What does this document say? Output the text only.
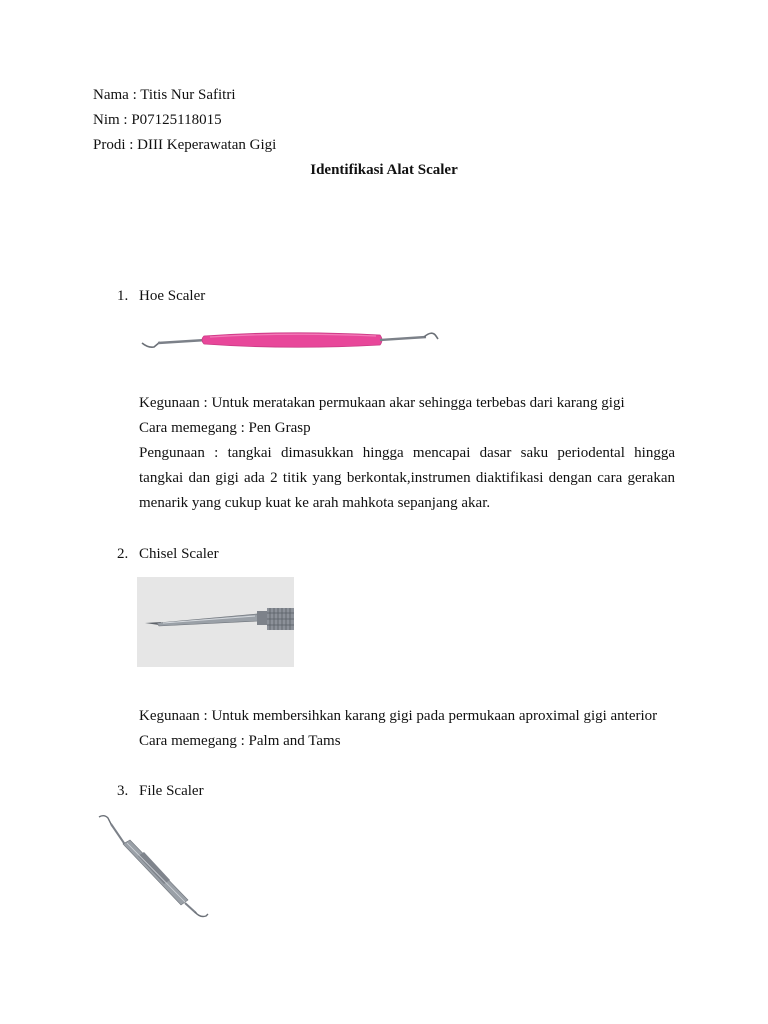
Nama : Titis Nur Safitri
Nim : P07125118015
Prodi : DIII Keperawatan Gigi
Identifikasi Alat Scaler
1. Hoe Scaler
Kegunaan : Untuk meratakan permukaan akar sehingga terbebas dari karang gigi
Cara memegang : Pen Grasp
Pengunaan : tangkai dimasukkan hingga mencapai dasar saku periodental hingga
tangkai dan gigi ada 2 titik yang berkontak,instrumen diaktifikasi dengan cara gerakan
menarik yang cukup kuat ke arah mahkota sepanjang akar.
2. Chisel Scaler
Kegunaan : Untuk membersihkan karang gigi pada permukaan aproximal gigi anterior
Cara memegang : Palm and Tams
3. File Scaler
